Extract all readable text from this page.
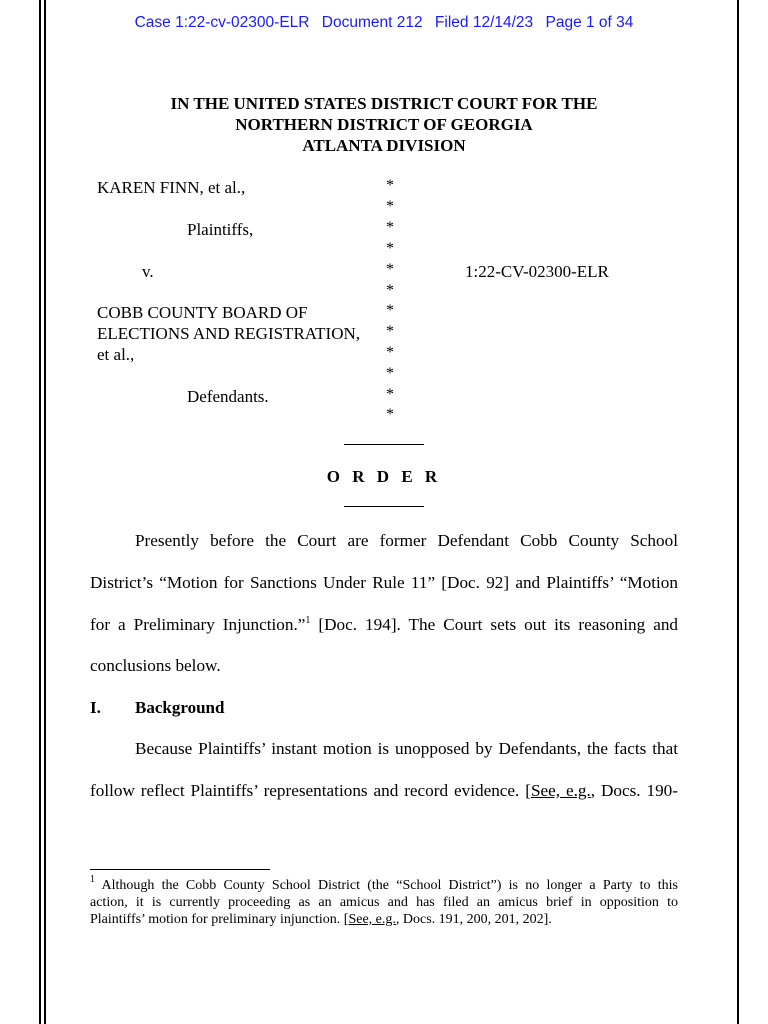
Case 1:22-cv-02300-ELR Document 212 Filed 12/14/23 Page 1 of 34
IN THE UNITED STATES DISTRICT COURT FOR THE
NORTHERN DISTRICT OF GEORGIA
ATLANTA DIVISION
KAREN FINN, et al.,
Plaintiffs,
v.	1:22-CV-02300-ELR
COBB COUNTY BOARD OF
ELECTIONS AND REGISTRATION,
et al.,
Defendants.
*
*
*
*
*
*
*
*
*
*
*
*
O R D E R
Presently before the Court are former Defendant Cobb County School
District’s “Motion for Sanctions Under Rule 11” [Doc. 92] and Plaintiffs’ “Motion
for a Preliminary Injunction.”$^1$ [Doc. 194]. The Court sets out its reasoning and
conclusions below.
I. Background
Because Plaintiffs’ instant motion is unopposed by Defendants, the facts that
follow reflect Plaintiffs’ representations and record evidence. [See, e.g., Docs. 190-
$^1$ Although the Cobb County School District (the “School District”) is no longer a Party to this
action, it is currently proceeding as an amicus and has filed an amicus brief in opposition to
Plaintiffs’ motion for preliminary injunction. [See, e.g., Docs. 191, 200, 201, 202].
